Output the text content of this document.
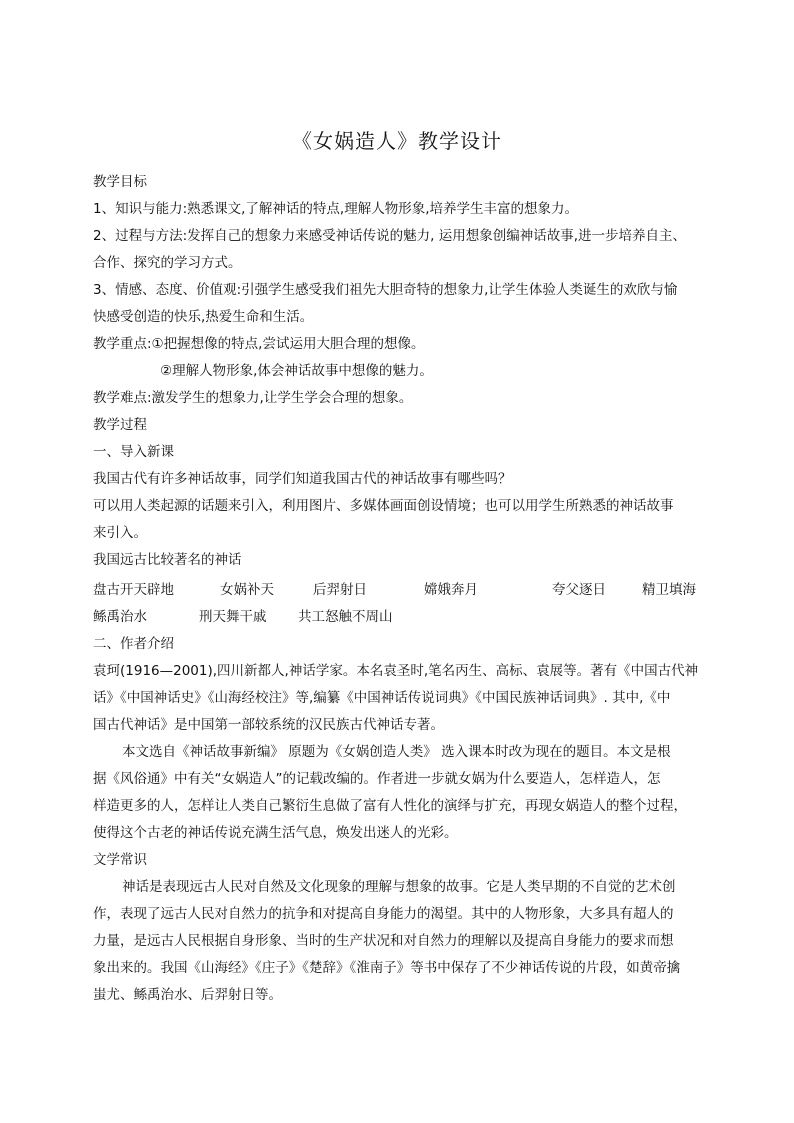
《女娲造人》教学设计
教学目标
1、知识与能力:熟悉课文,了解神话的特点,理解人物形象,培养学生丰富的想象力。
2、过程与方法:发挥自己的想象力来感受神话传说的魅力, 运用想象创编神话故事,进一步培养自主、
合作、探究的学习方式。
3、情感、态度、价值观:引强学生感受我们祖先大胆奇特的想象力,让学生体验人类诞生的欢欣与愉
快感受创造的快乐,热爱生命和生活。
教学重点:①把握想像的特点,尝试运用大胆合理的想像。
②理解人物形象,体会神话故事中想像的魅力。
教学难点:激发学生的想象力,让学生学会合理的想象。
教学过程
一、导入新课
我国古代有许多神话故事，同学们知道我国古代的神话故事有哪些吗？
可以用人类起源的话题来引入，利用图片、多媒体画面创设情境；也可以用学生所熟悉的神话故事
来引入。
我国远古比较著名的神话
盘古开天辟地	女娲补天	后羿射日	嫦娥奔月	夸父逐日	精卫填海
鲧禹治水	刑天舞干戚 共工怒触不周山
二、作者介绍
袁珂(1916—2001),四川新都人,神话学家。本名袁圣时,笔名丙生、高标、袁展等。著有《中国古代神
话》《中国神话史》《山海经校注》等,编纂《中国神话传说词典》《中国民族神话词典》. 其中,《中
国古代神话》是中国第一部较系统的汉民族古代神话专著。
本文选自《神话故事新编》 原题为《女娲创造人类》 选入课本时改为现在的题目。本文是根
据《风俗通》中有关“女娲造人”的记载改编的。作者进一步就女娲为什么要造人，怎样造人，怎
样造更多的人，怎样让人类自己繁衍生息做了富有人性化的演绎与扩充，再现女娲造人的整个过程，
使得这个古老的神话传说充满生活气息，焕发出迷人的光彩。
文学常识
神话是表现远古人民对自然及文化现象的理解与想象的故事。它是人类早期的不自觉的艺术创
作，表现了远古人民对自然力的抗争和对提高自身能力的渴望。其中的人物形象，大多具有超人的
力量，是远古人民根据自身形象、当时的生产状况和对自然力的理解以及提高自身能力的要求而想
象出来的。我国《山海经》《庄子》《楚辞》《淮南子》等书中保存了不少神话传说的片段，如黄帝擒
蚩尤、鲧禹治水、后羿射日等。
